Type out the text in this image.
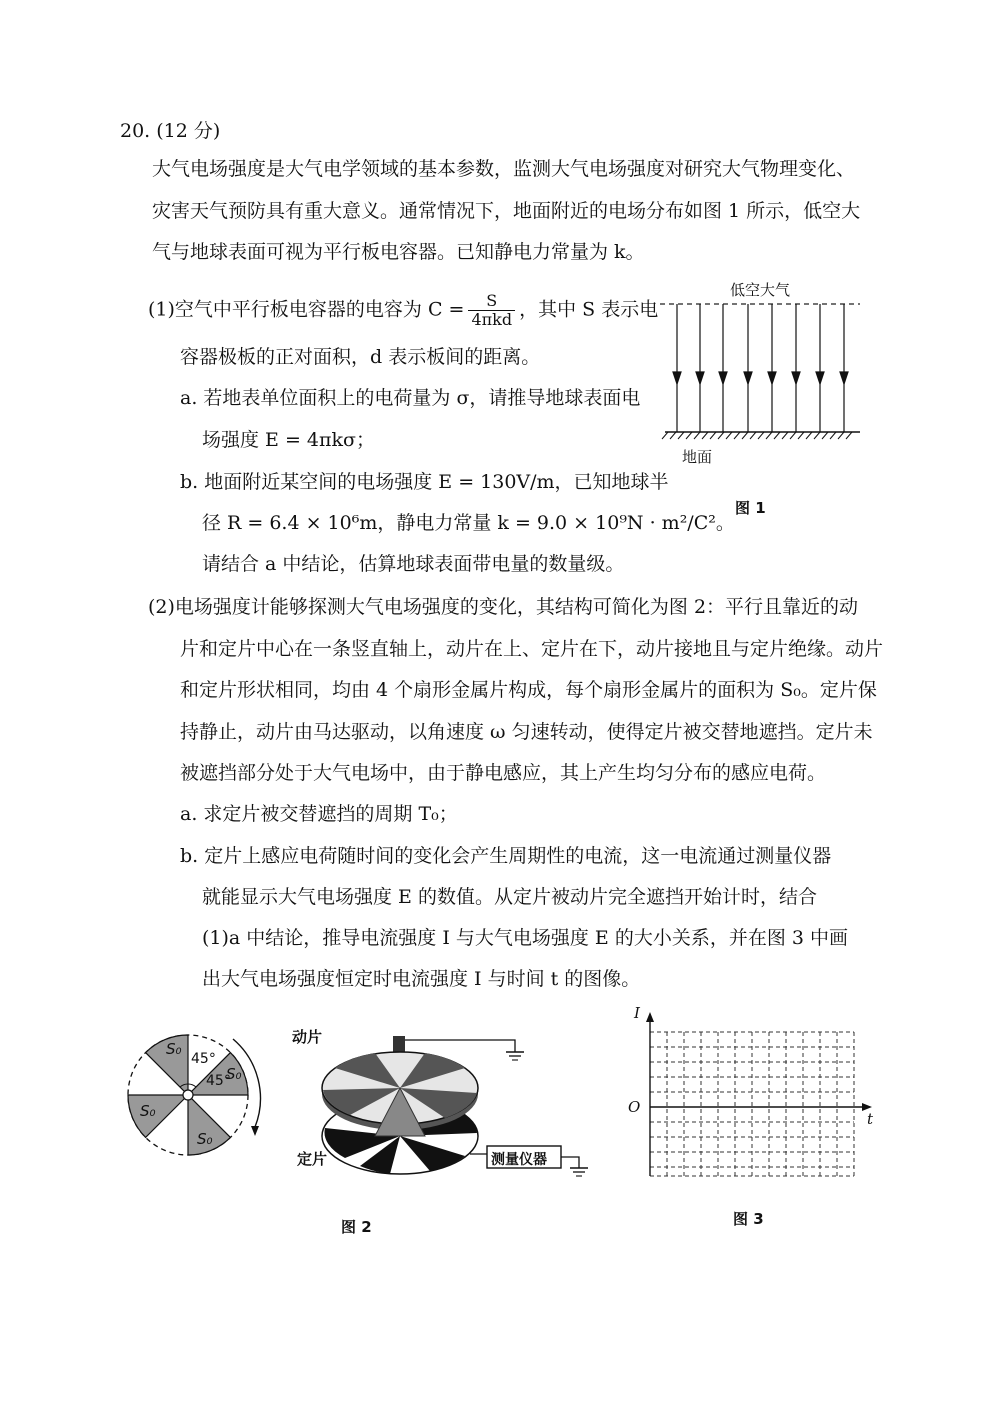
20. (12 分)
大气电场强度是大气电学领域的基本参数，监测大气电场强度对研究大气物理变化、
灾害天气预防具有重大意义。通常情况下，地面附近的电场分布如图 1 所示，低空大
气与地球表面可视为平行板电容器。已知静电力常量为 k。
(1)空气中平行板电容器的电容为 $C = \frac{S}{\text{4πkd}}$ ，其中 S 表示电
容器极板的正对面积，d 表示板间的距离。
a. 若地表单位面积上的电荷量为 σ，请推导地球表面电
场强度 E = 4πkσ；
b. 地面附近某空间的电场强度 E = 130V/m，已知地球半
径 R = 6.4 × 10⁶m，静电力常量 k = 9.0 × 10⁹N · m²/C²。
请结合 a 中结论，估算地球表面带电量的数量级。
低空大气
地面
图 1
(2)电场强度计能够探测大气电场强度的变化，其结构可简化为图 2：平行且靠近的动
片和定片中心在一条竖直轴上，动片在上、定片在下，动片接地且与定片绝缘。动片
和定片形状相同，均由 4 个扇形金属片构成，每个扇形金属片的面积为 S₀。定片保
持静止，动片由马达驱动，以角速度 ω 匀速转动，使得定片被交替地遮挡。定片未
被遮挡部分处于大气电场中，由于静电感应，其上产生均匀分布的感应电荷。
a. 求定片被交替遮挡的周期 T₀；
b. 定片上感应电荷随时间的变化会产生周期性的电流，这一电流通过测量仪器
就能显示大气电场强度 E 的数值。从定片被动片完全遮挡开始计时，结合
(1)a 中结论，推导电流强度 I 与大气电场强度 E 的大小关系，并在图 3 中画
出大气电场强度恒定时电流强度 I 与时间 t 的图像。
S₀
45°
45°
S₀
S₀
S₀
动片
定片	测量仪器
图 2
I
t
O
图 3
